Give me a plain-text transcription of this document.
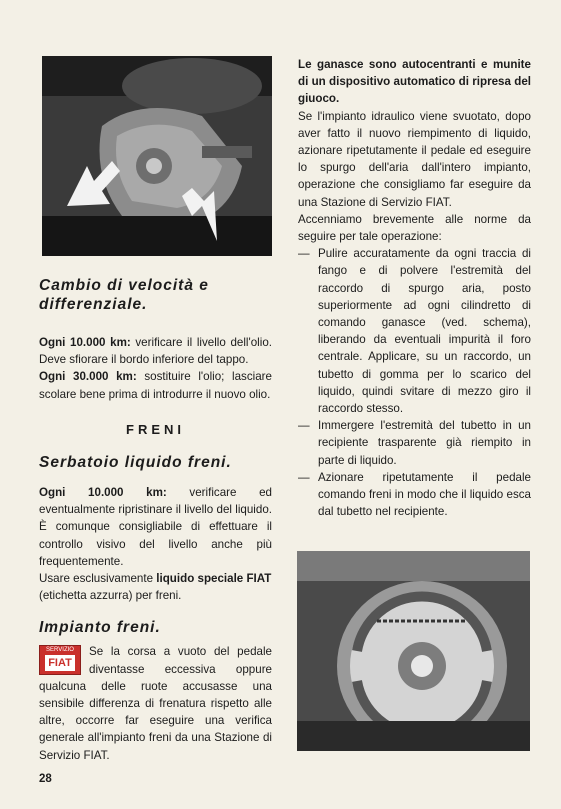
Cambio di velocità e differenziale.

Ogni 10.000 km: verificare il livello dell'olio. Deve sfiorare il bordo inferiore del tappo.

Ogni 30.000 km: sostituire l'olio; lasciare scolare bene prima di introdurre il nuovo olio.

FRENI
Serbatoio liquido freni.

Ogni 10.000 km: verificare ed eventualmente ripristinare il livello del liquido. È comunque consigliabile di effettuare il controllo visivo del livello anche più frequentemente.

Usare esclusivamente liquido speciale FIAT (etichetta azzurra) per freni.

Impianto freni.
SERVIZIO
FIAT

Se la corsa a vuoto del pedale diventasse eccessiva oppure qualcuna delle ruote accusasse una sensibile differenza di frenatura rispetto alle altre, occorre far eseguire una verifica generale all'impianto freni da una Stazione di Servizio FIAT.

Le ganasce sono autocentranti e munite di un dispositivo automatico di ripresa del giuoco.

Se l'impianto idraulico viene svuotato, dopo aver fatto il nuovo riempimento di liquido, azionare ripetutamente il pedale ed eseguire lo spurgo dell'aria dall'intero impianto, operazione che consigliamo far eseguire da una Stazione di Servizio FIAT.

Accenniamo brevemente alle norme da seguire per tale operazione:

— Pulire accuratamente da ogni traccia di fango e di polvere l'estremità del raccordo di spurgo aria, posto superiormente ad ogni cilindretto di comando ganasce (ved. schema), liberando da eventuali impurità il foro centrale. Applicare, su un raccordo, un tubetto di gomma per lo scarico del liquido, quindi svitare di mezzo giro il raccordo stesso.

— Immergere l'estremità del tubetto in un recipiente trasparente già riempito in parte di liquido.

— Azionare ripetutamente il pedale comando freni in modo che il liquido esca dal tubetto nel recipiente.

28
